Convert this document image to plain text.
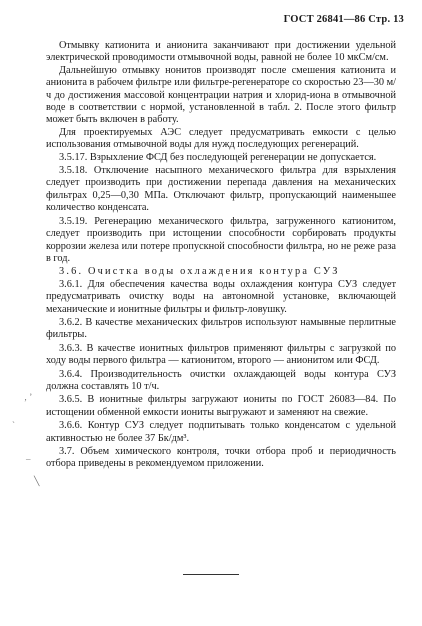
ГОСТ 26841—86 Стр. 13
‚ ’
`
–
╲

Отмывку катионита и анионита заканчивают при достижении удельной электрической проводимости отмывочной воды, равной не более 10 мкСм/см.

Дальнейшую отмывку нонитов производят после смешения катионита и анионита в рабочем фильтре или фильтре-регенераторе со скоростью 23—30 м/ч до достижения массовой концентрации натрия и хлорид-иона в отмывочной воде в соответствии с нормой, установленной в табл. 2. После этого фильтр может быть включен в работу.

Для проектируемых АЭС следует предусматривать емкости с целью использования отмывочной воды для нужд последующих регенераций.

3.5.17. Взрыхление ФСД без последующей регенерации не допускается.

3.5.18. Отключение насыпного механического фильтра для взрыхления следует производить при достижении перепада давления на механических фильтрах 0,25—0,30 МПа. Отключают фильтр, пропускающий наименьшее количество конденсата.

3.5.19. Регенерацию механического фильтра, загруженного катионитом, следует производить при истощении способности сорбировать продукты коррозии железа или потере пропускной способности фильтра, но не реже раза в год.

3.6. Очистка воды охлаждения контура СУЗ

3.6.1. Для обеспечения качества воды охлаждения контура СУЗ следует предусматривать очистку воды на автономной установке, включающей механические и ионитные фильтры и фильтр-ловушку.

3.6.2. В качестве механических фильтров используют намывные перлитные фильтры.

3.6.3. В качестве ионитных фильтров применяют фильтры с загрузкой по ходу воды первого фильтра — катионитом, второго — анионитом или ФСД.

3.6.4. Производительность очистки охлаждающей воды контура СУЗ должна составлять 10 т/ч.

3.6.5. В ионитные фильтры загружают иониты по ГОСТ 26083—84. По истощении обменной емкости иониты выгружают и заменяют на свежие.

3.6.6. Контур СУЗ следует подпитывать только конденсатом с удельной активностью не более 37 Бк/дм³.

3.7. Объем химического контроля, точки отбора проб и периодичность отбора приведены в рекомендуемом приложении.
